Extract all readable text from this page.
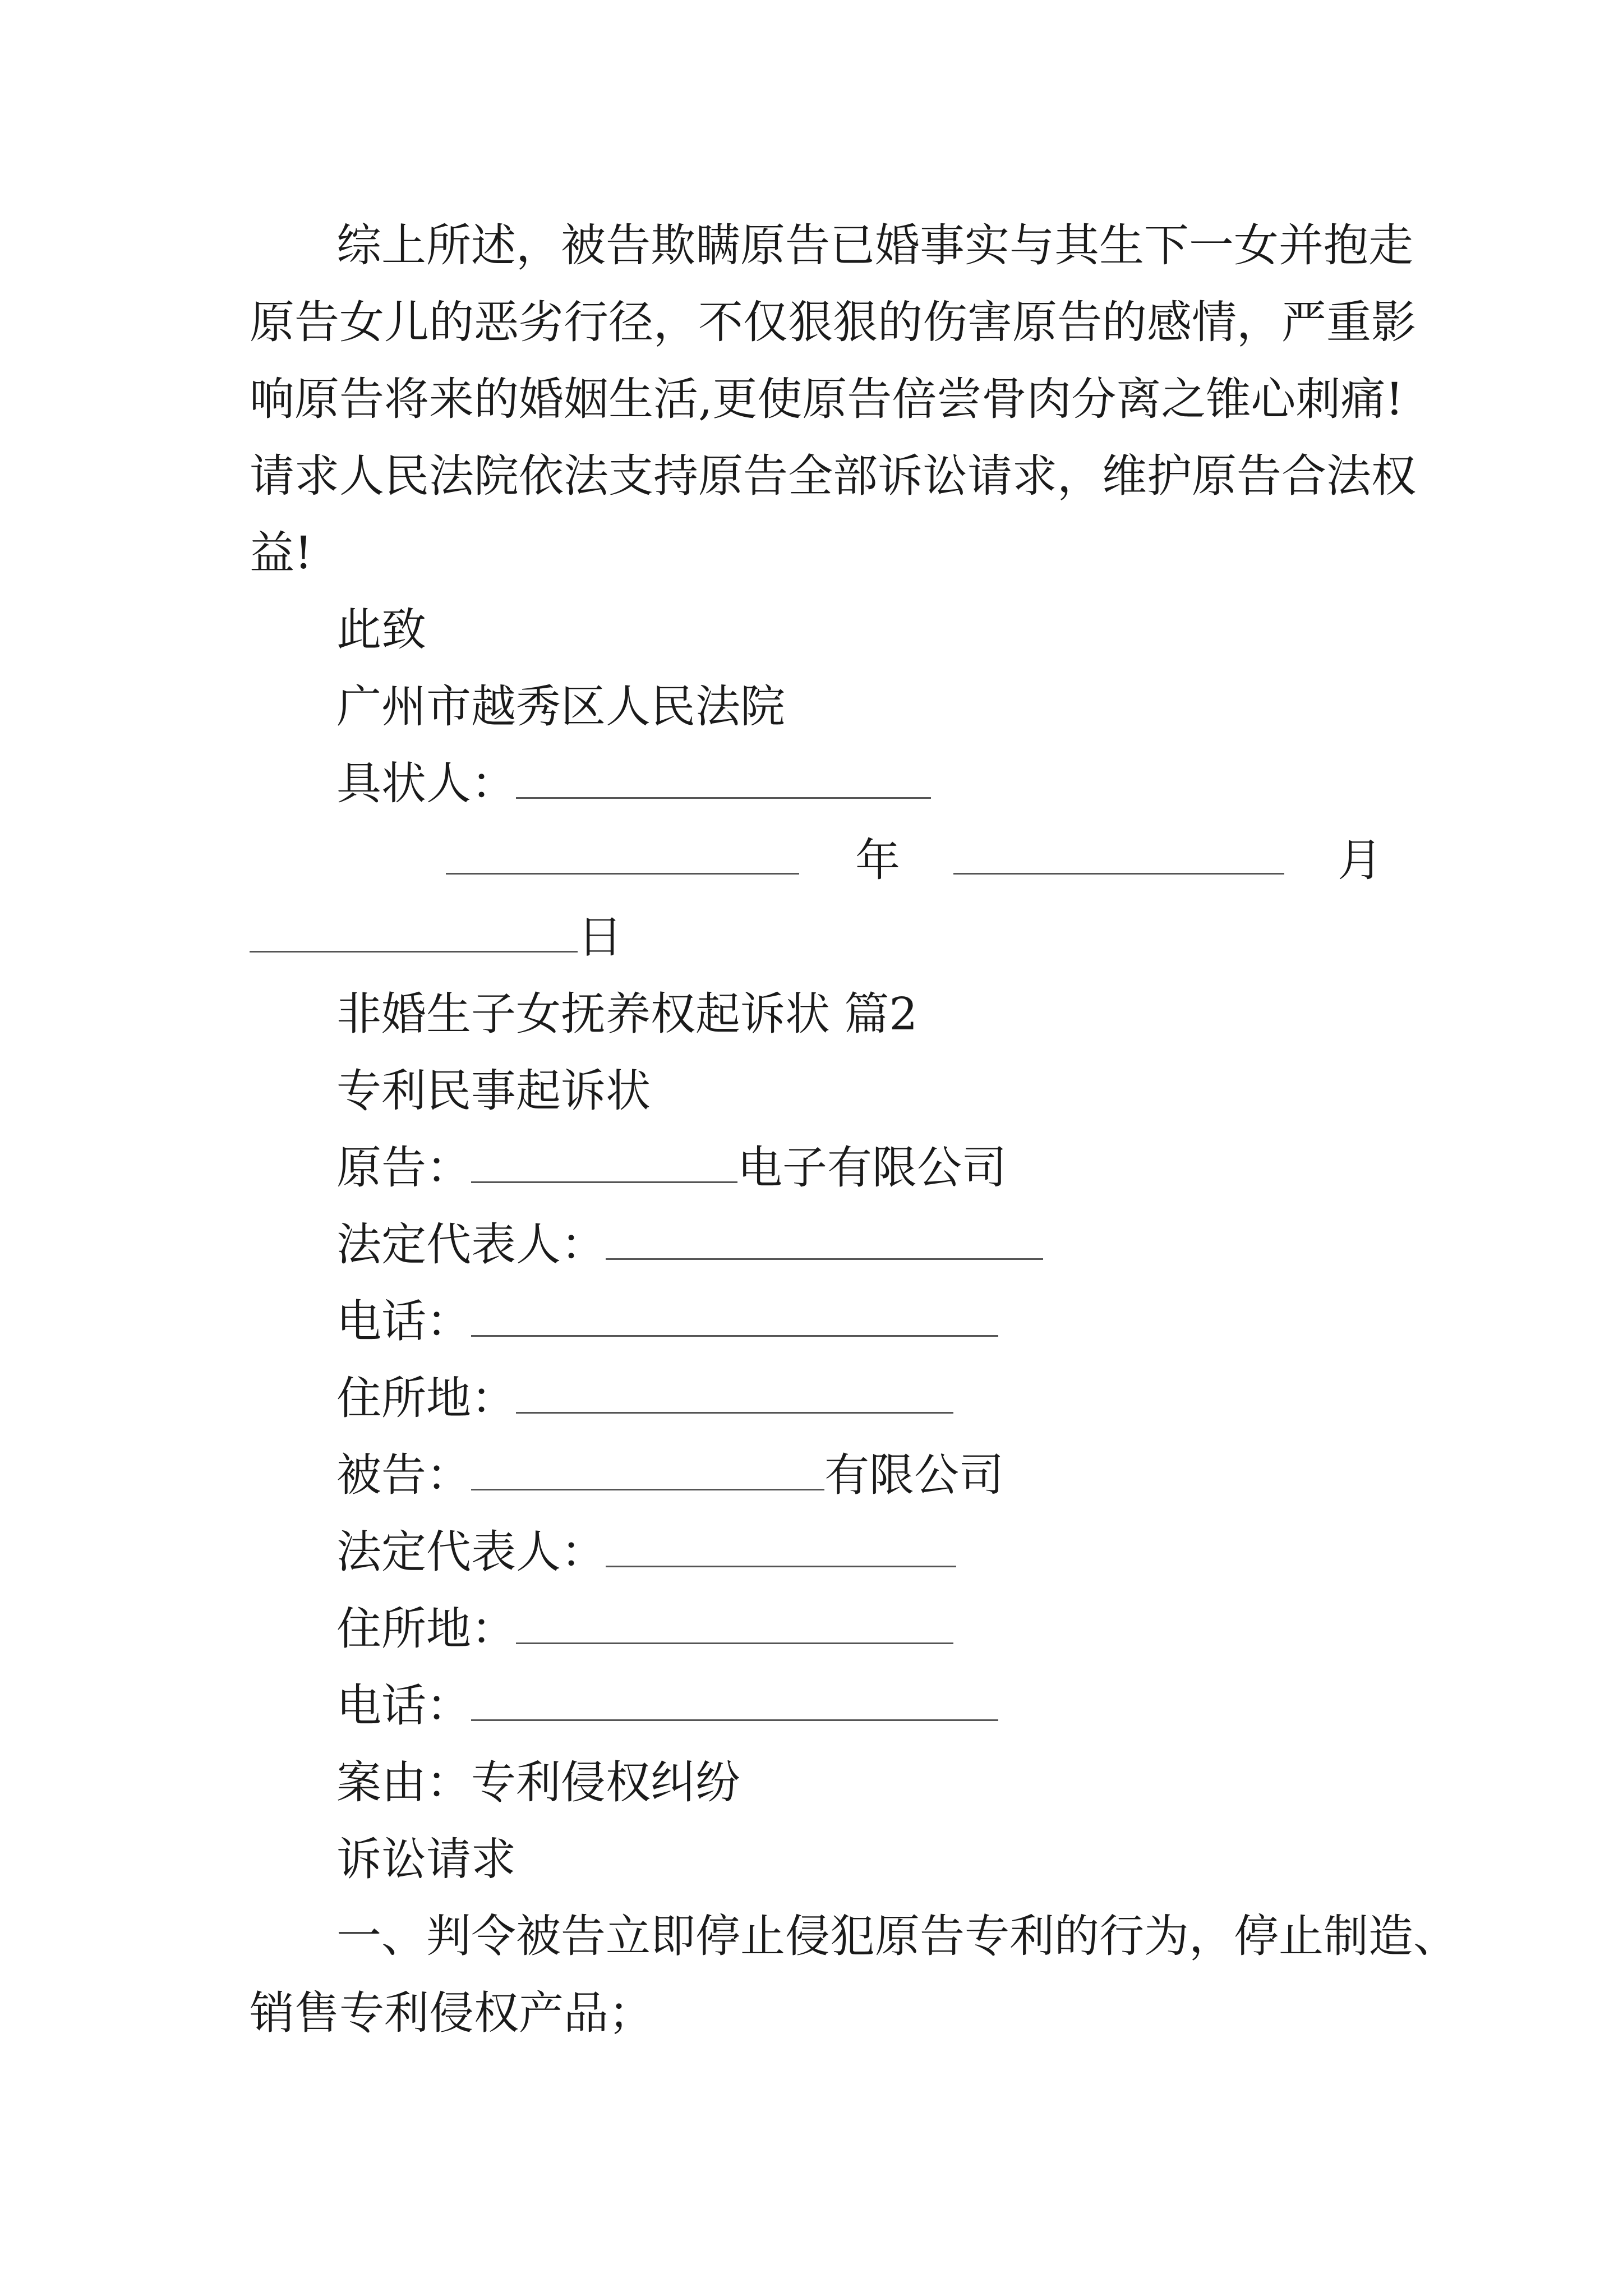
综上所述，被告欺瞒原告已婚事实与其生下一女并抱走
原告女儿的恶劣行径，不仅狠狠的伤害原告的感情，严重影
响原告将来的婚姻生活,更使原告倍尝骨肉分离之锥心刺痛!
请求人民法院依法支持原告全部诉讼请求，维护原告合法权
益!
此致
广州市越秀区人民法院
具状人：
年	月
日
非婚生子女抚养权起诉状 篇2
专利民事起诉状
原告：	电子有限公司
法定代表人：
电话：
住所地：
被告：	有限公司
法定代表人：
住所地：
电话：
案由：专利侵权纠纷
诉讼请求
一、判令被告立即停止侵犯原告专利的行为，停止制造、
销售专利侵权产品；
